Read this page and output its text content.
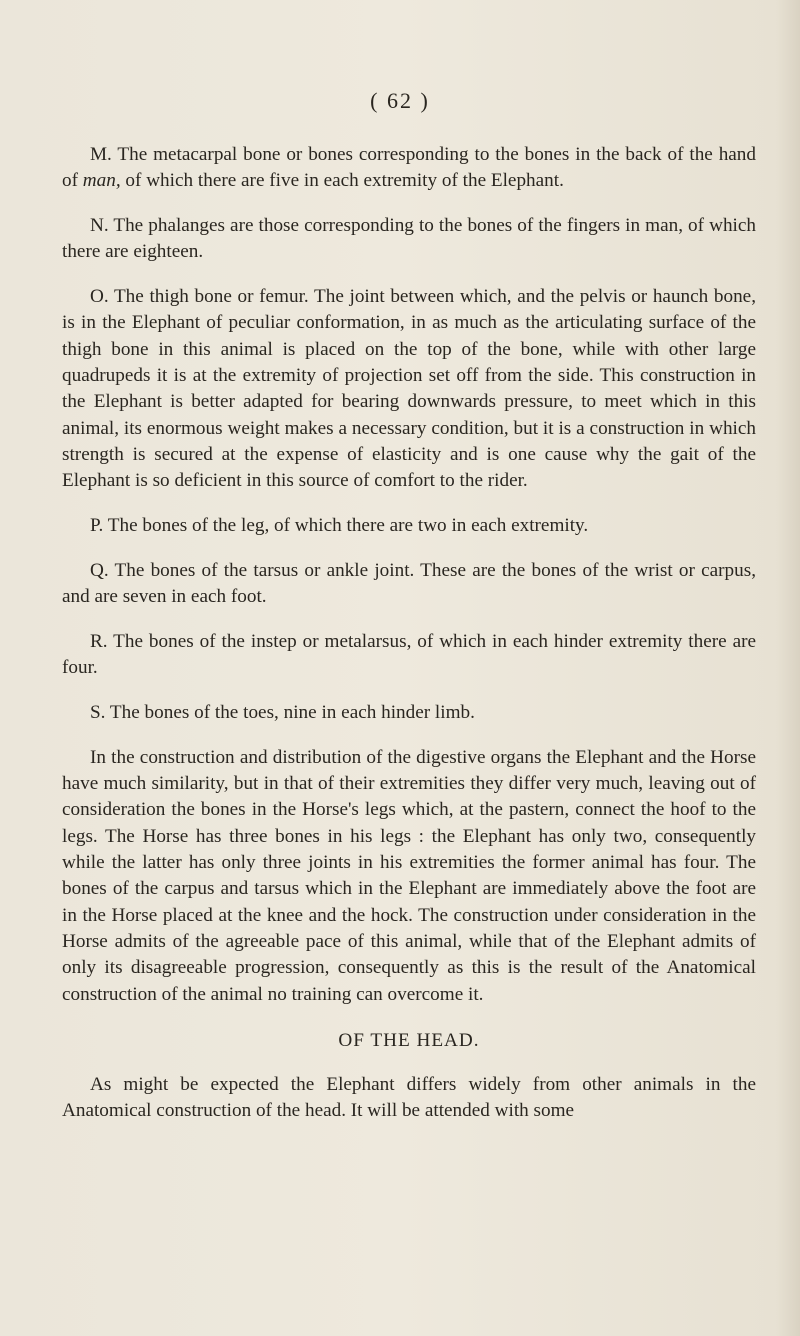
( 62 )

M. The metacarpal bone or bones corresponding to the bones in the back of the hand of man, of which there are five in each extremity of the Elephant.

N. The phalanges are those corresponding to the bones of the fingers in man, of which there are eighteen.

O. The thigh bone or femur. The joint between which, and the pelvis or haunch bone, is in the Elephant of peculiar conformation, in as much as the articulating surface of the thigh bone in this animal is placed on the top of the bone, while with other large quadrupeds it is at the extremity of projection set off from the side. This construction in the Elephant is better adapted for bearing downwards pressure, to meet which in this animal, its enormous weight makes a necessary condition, but it is a construction in which strength is secured at the expense of elasticity and is one cause why the gait of the Elephant is so deficient in this source of comfort to the rider.

P. The bones of the leg, of which there are two in each extremity.

Q. The bones of the tarsus or ankle joint. These are the bones of the wrist or carpus, and are seven in each foot.

R. The bones of the instep or metalarsus, of which in each hinder extremity there are four.

S. The bones of the toes, nine in each hinder limb.

In the construction and distribution of the digestive organs the Elephant and the Horse have much similarity, but in that of their extremities they differ very much, leaving out of consideration the bones in the Horse's legs which, at the pastern, connect the hoof to the legs. The Horse has three bones in his legs : the Elephant has only two, consequently while the latter has only three joints in his extremities the former animal has four. The bones of the carpus and tarsus which in the Elephant are immediately above the foot are in the Horse placed at the knee and the hock. The construction under consideration in the Horse admits of the agreeable pace of this animal, while that of the Elephant admits of only its disagreeable progression, consequently as this is the result of the Anatomical construction of the animal no training can overcome it.

OF THE HEAD.

As might be expected the Elephant differs widely from other animals in the Anatomical construction of the head. It will be attended with some
